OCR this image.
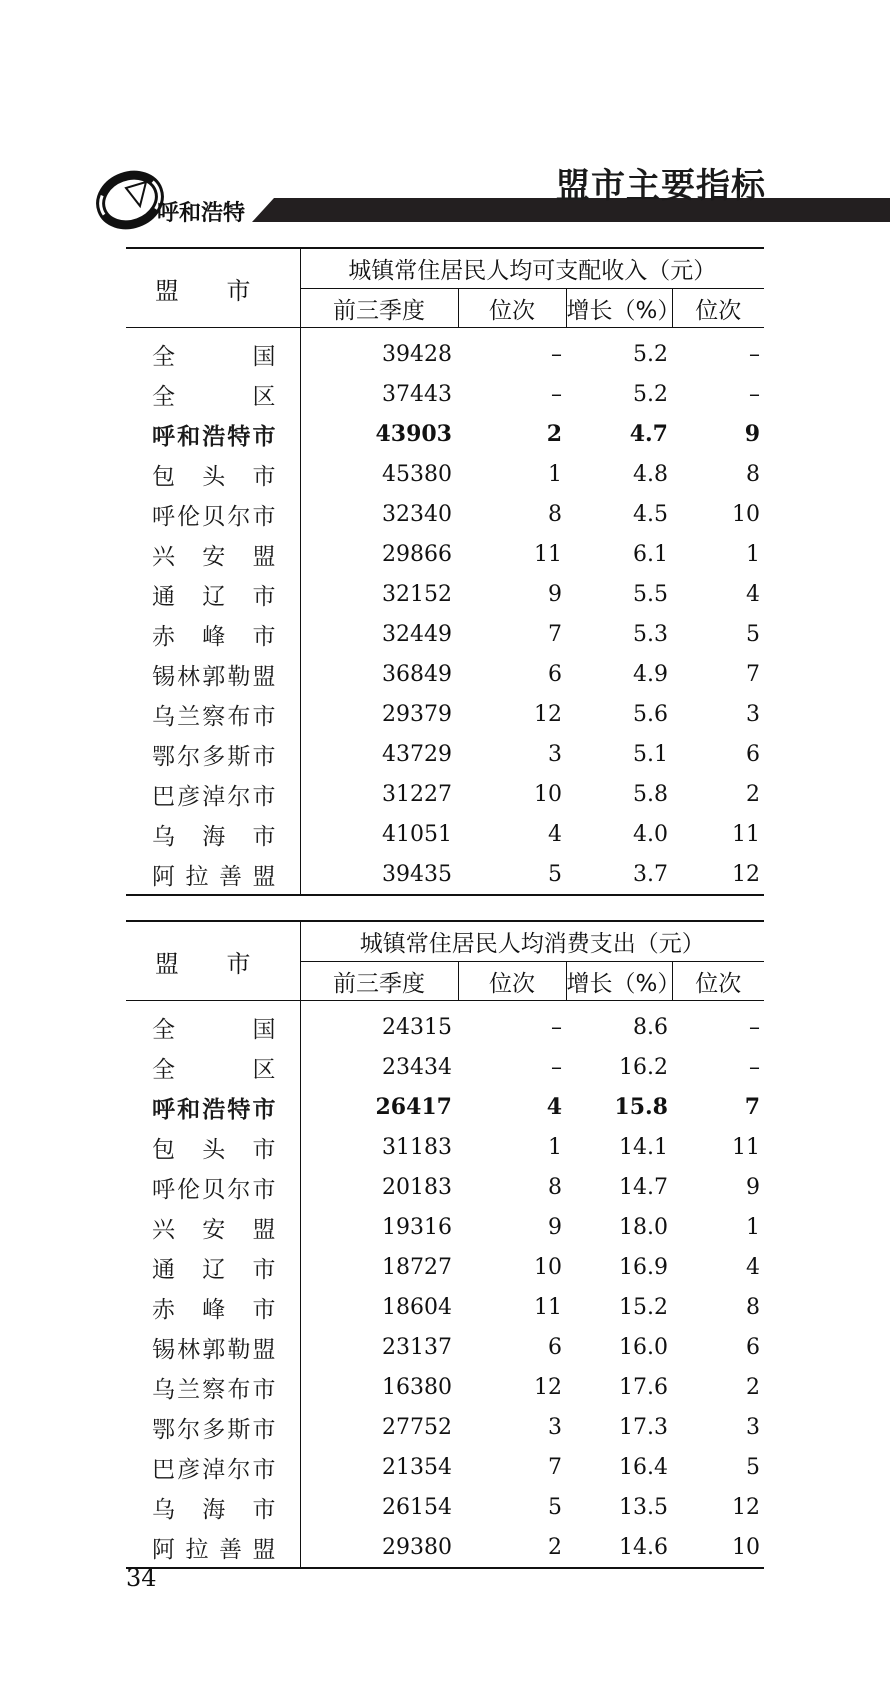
呼和浩特
盟市主要指标
盟 市	城镇常住居民人均可支配收入（元）			
	前三季度	位次	增长（%）	位次
全国	39428	–	5.2	–
全区	37443	–	5.2	–
呼和浩特市	43903	2	4.7	9
包头市	45380	1	4.8	8
呼伦贝尔市	32340	8	4.5	10
兴安盟	29866	11	6.1	1
通辽市	32152	9	5.5	4
赤峰市	32449	7	5.3	5
锡林郭勒盟	36849	6	4.9	7
乌兰察布市	29379	12	5.6	3
鄂尔多斯市	43729	3	5.1	6
巴彦淖尔市	31227	10	5.8	2
乌海市	41051	4	4.0	11
阿拉善盟	39435	5	3.7	12
盟 市	城镇常住居民人均消费支出（元）			
	前三季度	位次	增长（%）	位次
全国	24315	–	8.6	–
全区	23434	–	16.2	–
呼和浩特市	26417	4	15.8	7
包头市	31183	1	14.1	11
呼伦贝尔市	20183	8	14.7	9
兴安盟	19316	9	18.0	1
通辽市	18727	10	16.9	4
赤峰市	18604	11	15.2	8
锡林郭勒盟	23137	6	16.0	6
乌兰察布市	16380	12	17.6	2
鄂尔多斯市	27752	3	17.3	3
巴彦淖尔市	21354	7	16.4	5
乌海市	26154	5	13.5	12
阿拉善盟	29380	2	14.6	10
34
